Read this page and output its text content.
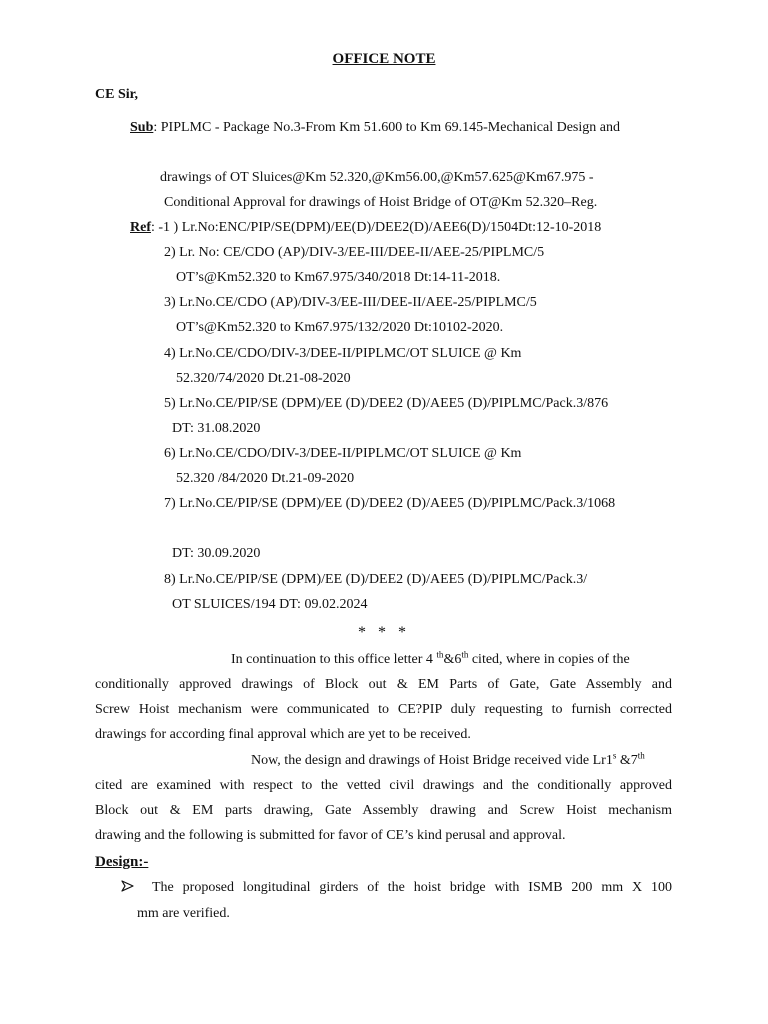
OFFICE NOTE
CE Sir,
Sub: PIPLMC - Package No.3-From Km 51.600 to Km 69.145-Mechanical Design and
drawings of OT Sluices@Km 52.320,@Km56.00,@Km57.625@Km67.975 -
Conditional Approval for drawings of Hoist Bridge of OT@Km 52.320–Reg.
Ref: -1 ) Lr.No:ENC/PIP/SE(DPM)/EE(D)/DEE2(D)/AEE6(D)/1504Dt:12-10-2018
2) Lr. No: CE/CDO (AP)/DIV-3/EE-III/DEE-II/AEE-25/PIPLMC/5
OT’s@Km52.320 to Km67.975/340/2018 Dt:14-11-2018.
3) Lr.No.CE/CDO (AP)/DIV-3/EE-III/DEE-II/AEE-25/PIPLMC/5
OT’s@Km52.320 to Km67.975/132/2020 Dt:10102-2020.
4) Lr.No.CE/CDO/DIV-3/DEE-II/PIPLMC/OT SLUICE @ Km
52.320/74/2020 Dt.21-08-2020
5) Lr.No.CE/PIP/SE (DPM)/EE (D)/DEE2 (D)/AEE5 (D)/PIPLMC/Pack.3/876
DT: 31.08.2020
6) Lr.No.CE/CDO/DIV-3/DEE-II/PIPLMC/OT SLUICE @ Km
52.320 /84/2020 Dt.21-09-2020
7) Lr.No.CE/PIP/SE (DPM)/EE (D)/DEE2 (D)/AEE5 (D)/PIPLMC/Pack.3/1068
DT: 30.09.2020
8) Lr.No.CE/PIP/SE (DPM)/EE (D)/DEE2 (D)/AEE5 (D)/PIPLMC/Pack.3/
OT SLUICES/194 DT: 09.02.2024
* * *
In continuation to this office letter 4 $^{th}$&6th cited, where in copies of the
conditionally approved drawings of Block out & EM Parts of Gate, Gate Assembly and
Screw Hoist mechanism were communicated to CE?PIP duly requesting to furnish corrected
drawings for according final approval which are yet to be received.
Now, the design and drawings of Hoist Bridge received vide Lr1$^s$ &7th
cited are examined with respect to the vetted civil drawings and the conditionally approved
Block out & EM parts drawing, Gate Assembly drawing and Screw Hoist mechanism
drawing and the following is submitted for favor of CE’s kind perusal and approval.
Design:-
The proposed longitudinal girders of the hoist bridge with ISMB 200 mm X 100
mm are verified.
